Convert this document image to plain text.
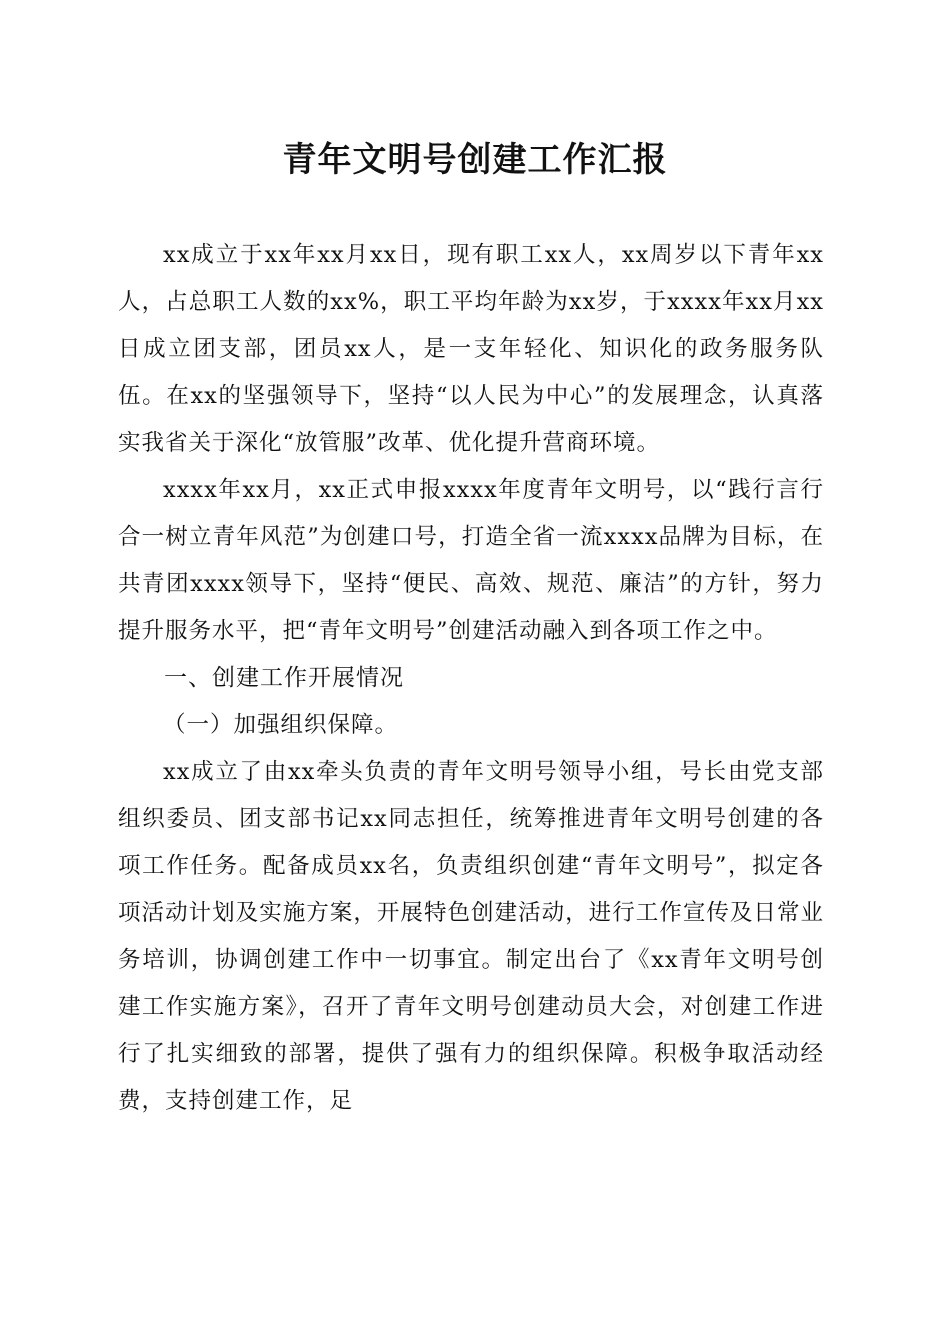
青年文明号创建工作汇报

xx成立于xx年xx月xx日，现有职工xx人，xx周岁以下青年xx人，占总职工人数的xx%，职工平均年龄为xx岁，于xxxx年xx月xx日成立团支部，团员xx人，是一支年轻化、知识化的政务服务队伍。在xx的坚强领导下，坚持“以人民为中心”的发展理念，认真落实我省关于深化“放管服”改革、优化提升营商环境。

xxxx年xx月，xx正式申报xxxx年度青年文明号，以“践行言行合一树立青年风范”为创建口号，打造全省一流xxxx品牌为目标，在共青团xxxx领导下，坚持“便民、高效、规范、廉洁”的方针，努力提升服务水平，把“青年文明号”创建活动融入到各项工作之中。

一、创建工作开展情况

（一）加强组织保障。

xx成立了由xx牵头负责的青年文明号领导小组，号长由党支部组织委员、团支部书记xx同志担任，统筹推进青年文明号创建的各项工作任务。配备成员xx名，负责组织创建“青年文明号”，拟定各项活动计划及实施方案，开展特色创建活动，进行工作宣传及日常业务培训，协调创建工作中一切事宜。制定出台了《xx青年文明号创建工作实施方案》，召开了青年文明号创建动员大会，对创建工作进行了扎实细致的部署，提供了强有力的组织保障。积极争取活动经费，支持创建工作，足
